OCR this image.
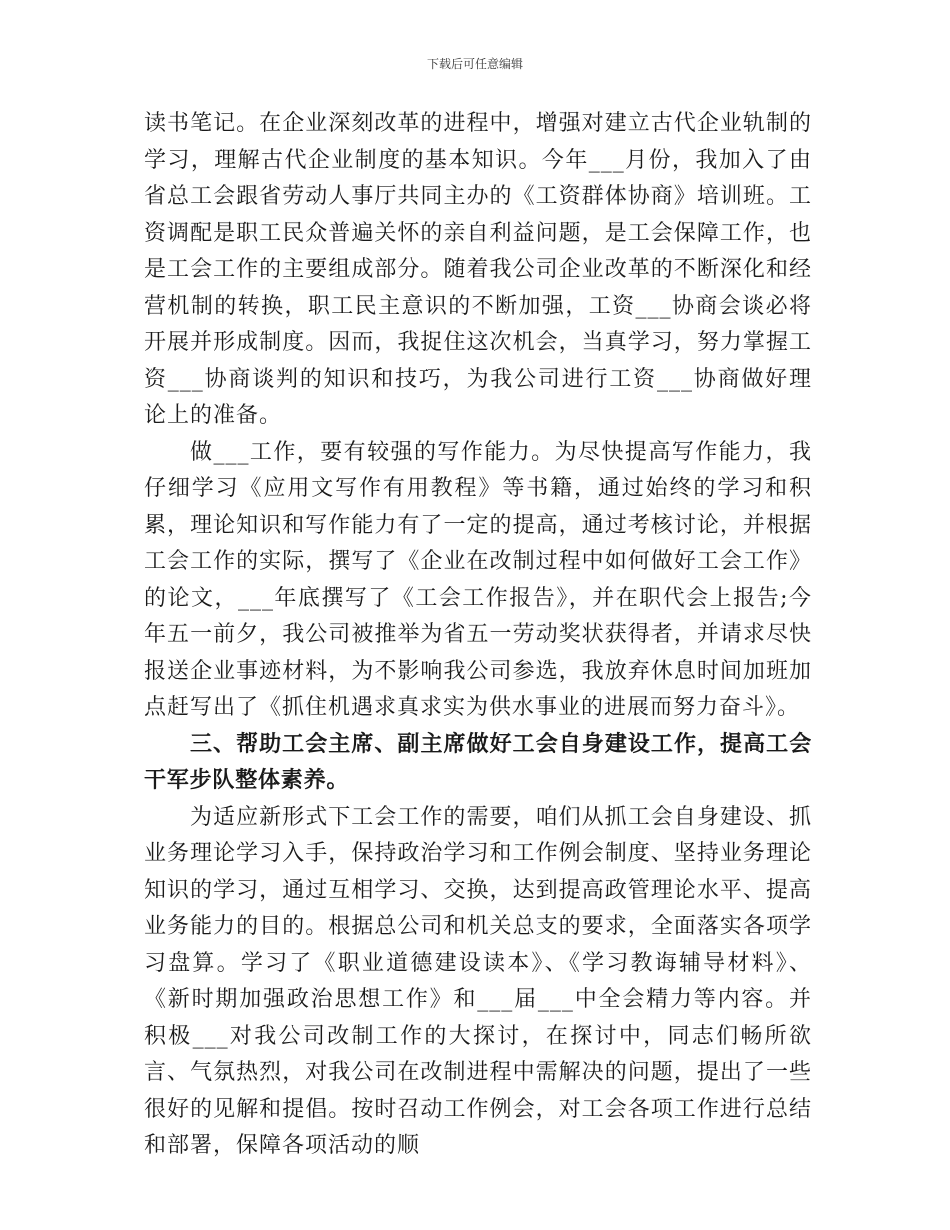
下载后可任意编辑

读书笔记。在企业深刻改革的进程中，增强对建立古代企业轨制的学习，理解古代企业制度的基本知识。今年___月份，我加入了由省总工会跟省劳动人事厅共同主办的《工资群体协商》培训班。工资调配是职工民众普遍关怀的亲自利益问题，是工会保障工作，也是工会工作的主要组成部分。随着我公司企业改革的不断深化和经营机制的转换，职工民主意识的不断加强，工资___协商会谈必将开展并形成制度。因而，我捉住这次机会，当真学习，努力掌握工资___协商谈判的知识和技巧，为我公司进行工资___协商做好理论上的准备。

做___工作，要有较强的写作能力。为尽快提高写作能力，我仔细学习《应用文写作有用教程》等书籍，通过始终的学习和积累，理论知识和写作能力有了一定的提高，通过考核讨论，并根据工会工作的实际，撰写了《企业在改制过程中如何做好工会工作》的论文，___年底撰写了《工会工作报告》，并在职代会上报告;今年五一前夕，我公司被推举为省五一劳动奖状获得者，并请求尽快报送企业事迹材料，为不影响我公司参选，我放弃休息时间加班加点赶写出了《抓住机遇求真求实为供水事业的进展而努力奋斗》。

三、帮助工会主席、副主席做好工会自身建设工作，提高工会干军步队整体素养。

为适应新形式下工会工作的需要，咱们从抓工会自身建设、抓业务理论学习入手，保持政治学习和工作例会制度、坚持业务理论知识的学习，通过互相学习、交换，达到提高政管理论水平、提高业务能力的目的。根据总公司和机关总支的要求，全面落实各项学习盘算。学习了《职业道德建设读本》、《学习教诲辅导材料》、《新时期加强政治思想工作》和___届___中全会精力等内容。并积极___对我公司改制工作的大探讨，在探讨中，同志们畅所欲言、气氛热烈，对我公司在改制进程中需解决的问题，提出了一些很好的见解和提倡。按时召动工作例会，对工会各项工作进行总结和部署，保障各项活动的顺
